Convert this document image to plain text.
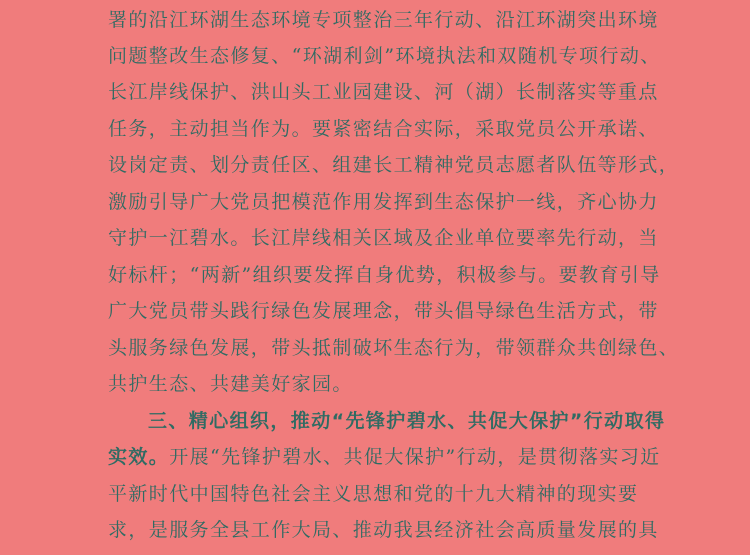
署的沿江环湖生态环境专项整治三年行动、沿江环湖突出环境
问题整改生态修复、“环湖利剑”环境执法和双随机专项行动、
长江岸线保护、洪山头工业园建设、河（湖）长制落实等重点
任务，主动担当作为。要紧密结合实际，采取党员公开承诺、
设岗定责、划分责任区、组建长工精神党员志愿者队伍等形式，
激励引导广大党员把模范作用发挥到生态保护一线，齐心协力
守护一江碧水。长江岸线相关区域及企业单位要率先行动，当
好标杆；“两新”组织要发挥自身优势，积极参与。要教育引导
广大党员带头践行绿色发展理念，带头倡导绿色生活方式，带
头服务绿色发展，带头抵制破坏生态行为，带领群众共创绿色、
共护生态、共建美好家园。
三、精心组织，推动“先锋护碧水、共促大保护”行动取得
实效。开展“先锋护碧水、共促大保护”行动，是贯彻落实习近
平新时代中国特色社会主义思想和党的十九大精神的现实要
求，是服务全县工作大局、推动我县经济社会高质量发展的具
